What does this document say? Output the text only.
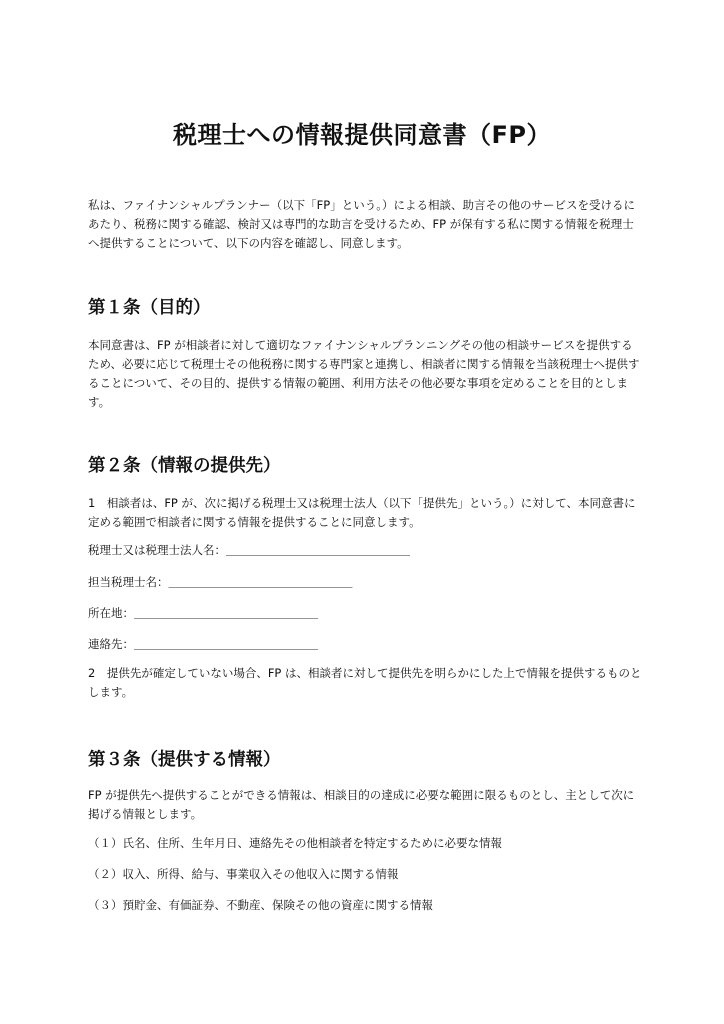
税理士への情報提供同意書（FP）

私は、ファイナンシャルプランナー（以下「FP」という。）による相談、助言その他のサービスを受けるにあたり、税務に関する確認、検討又は専門的な助言を受けるため、FP が保有する私に関する情報を税理士へ提供することについて、以下の内容を確認し、同意します。

第１条（目的）

本同意書は、FP が相談者に対して適切なファイナンシャルプランニングその他の相談サービスを提供するため、必要に応じて税理士その他税務に関する専門家と連携し、相談者に関する情報を当該税理士へ提供することについて、その目的、提供する情報の範囲、利用方法その他必要な事項を定めることを目的とします。

第２条（情報の提供先）

1　相談者は、FP が、次に掲げる税理士又は税理士法人（以下「提供先」という。）に対して、本同意書に定める範囲で相談者に関する情報を提供することに同意します。

税理士又は税理士法人名：＿＿＿＿＿＿＿＿＿＿＿＿＿＿＿＿

担当税理士名：＿＿＿＿＿＿＿＿＿＿＿＿＿＿＿＿

所在地：＿＿＿＿＿＿＿＿＿＿＿＿＿＿＿＿

連絡先：＿＿＿＿＿＿＿＿＿＿＿＿＿＿＿＿

2　提供先が確定していない場合、FP は、相談者に対して提供先を明らかにした上で情報を提供するものとします。

第３条（提供する情報）

FP が提供先へ提供することができる情報は、相談目的の達成に必要な範囲に限るものとし、主として次に掲げる情報とします。

（１）氏名、住所、生年月日、連絡先その他相談者を特定するために必要な情報

（２）収入、所得、給与、事業収入その他収入に関する情報

（３）預貯金、有価証券、不動産、保険その他の資産に関する情報
